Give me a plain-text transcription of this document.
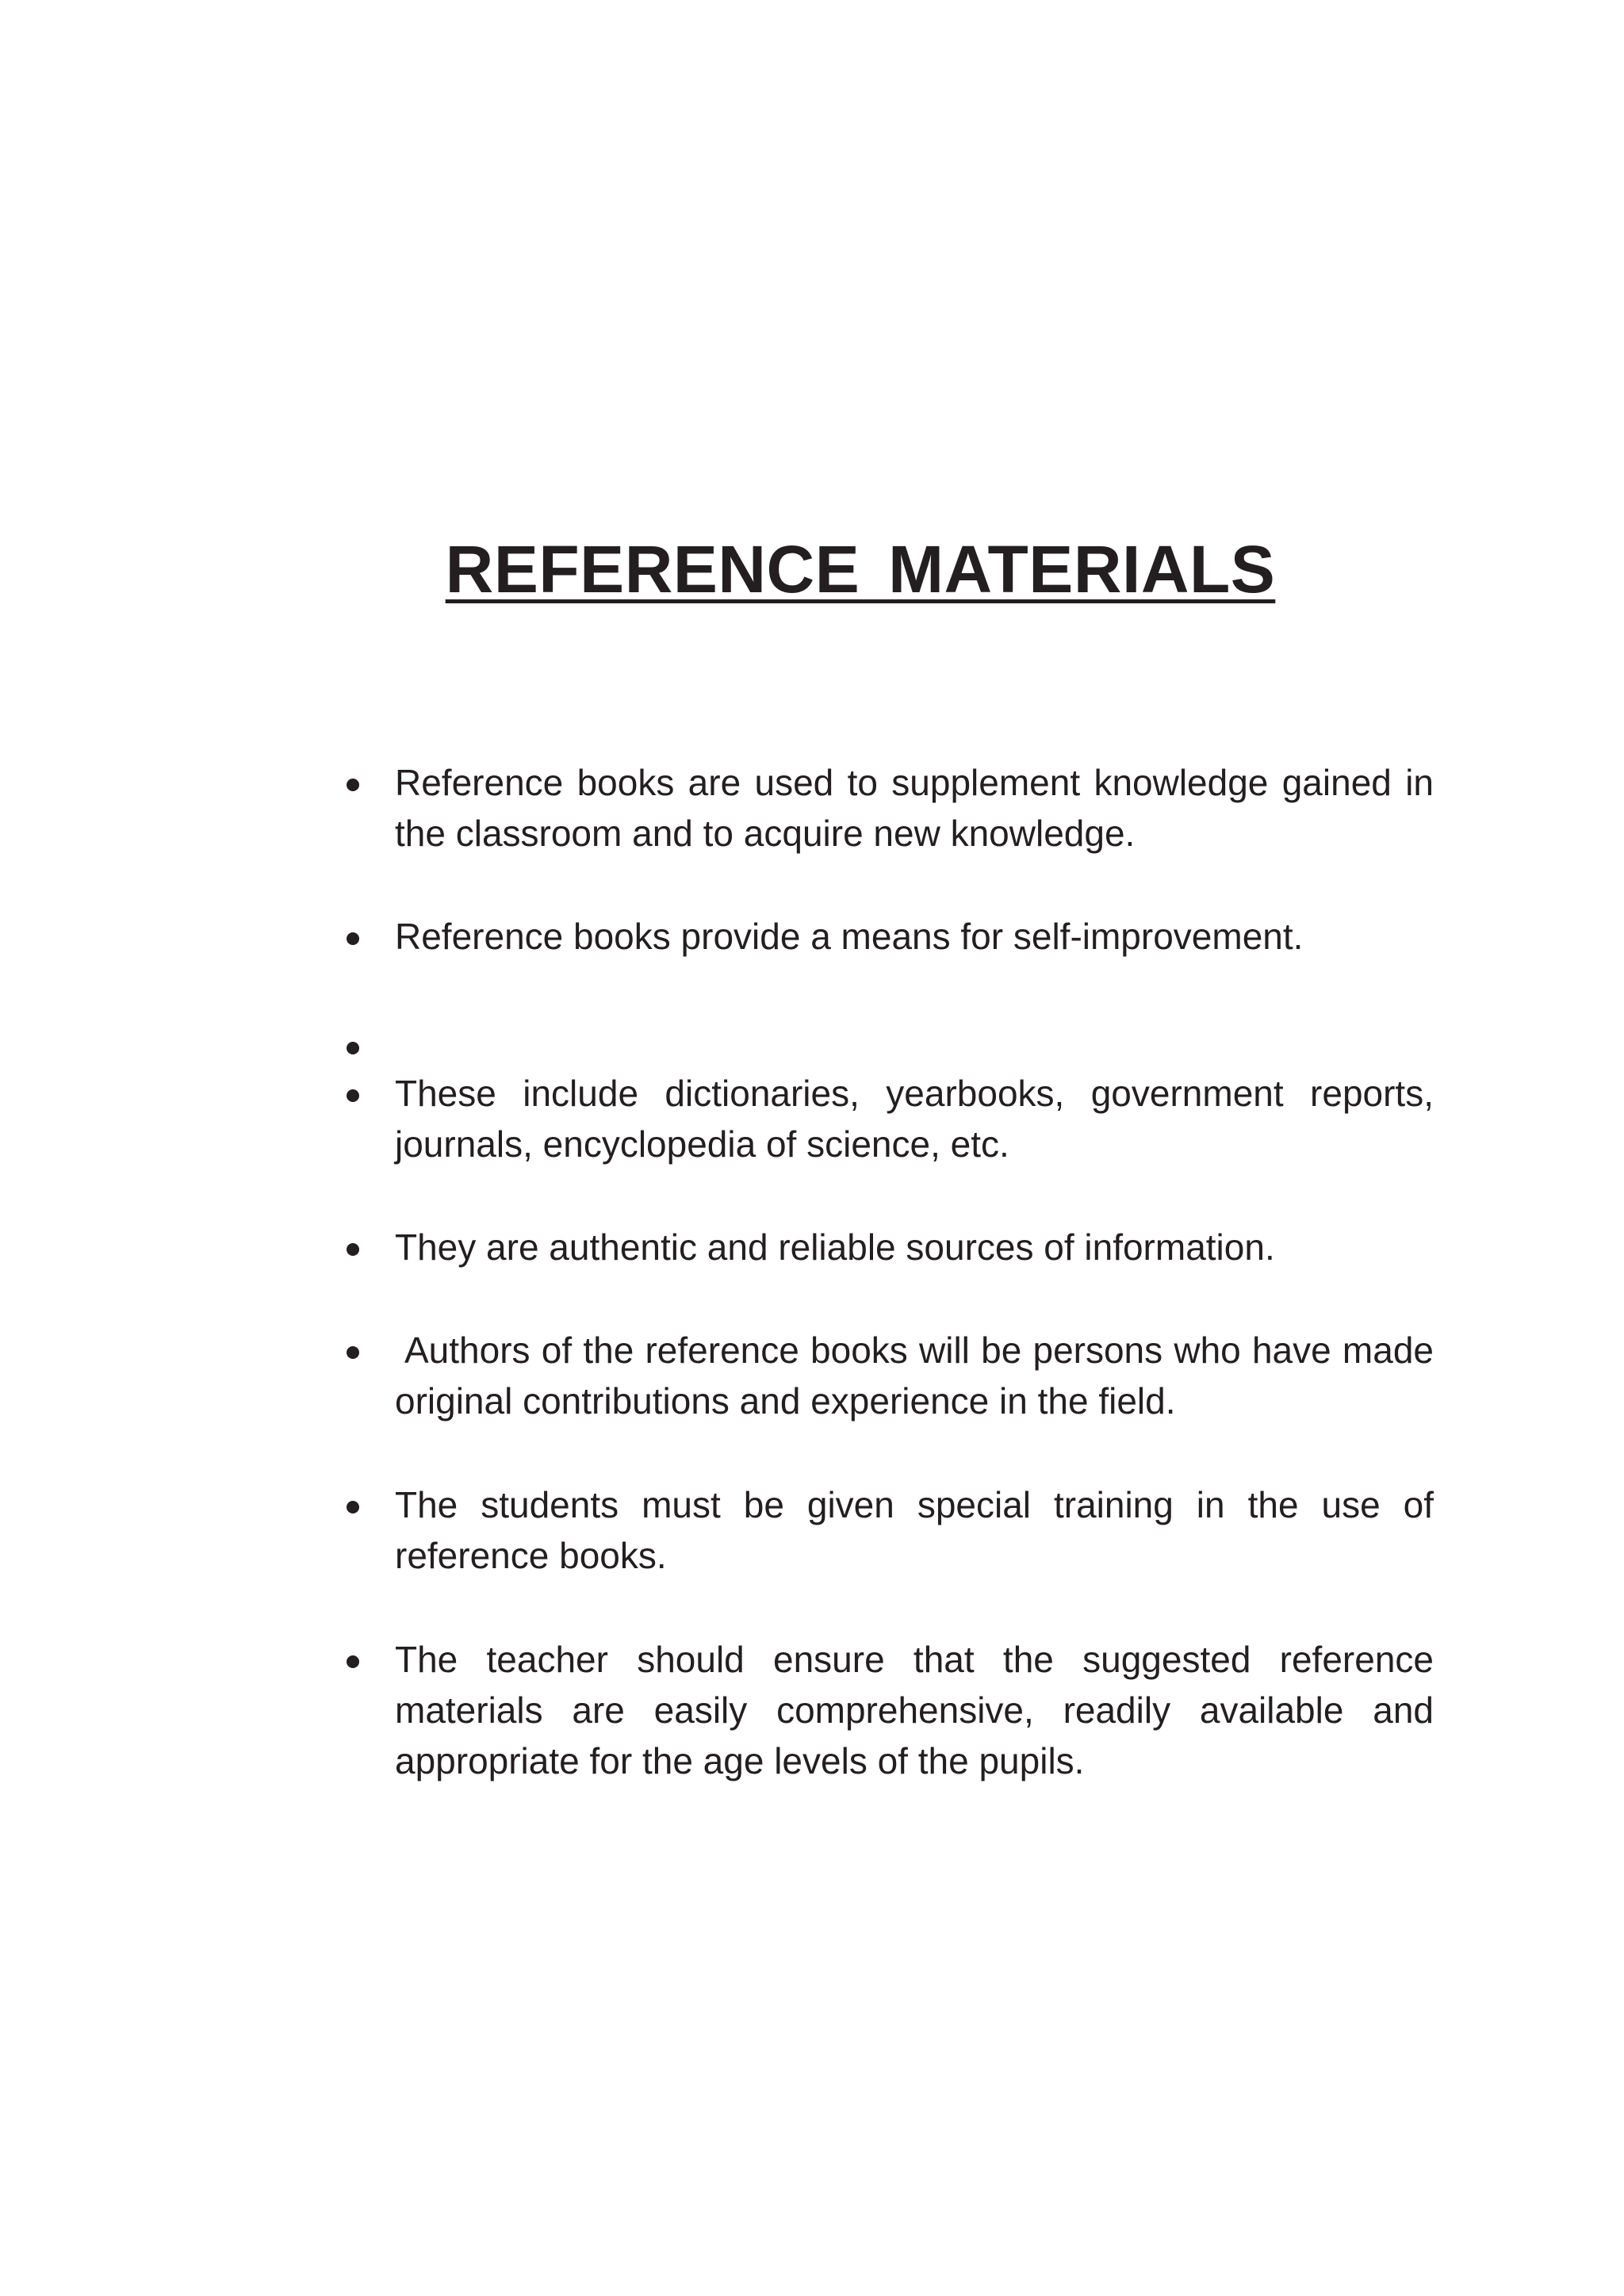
REFERENCE MATERIALS
Reference books are used to supplement knowledge gained in the classroom and to acquire new knowledge.
Reference books provide a means for self-improvement.
These include dictionaries, yearbooks, government reports, journals, encyclopedia of science, etc.
They are authentic and reliable sources of information.
Authors of the reference books will be persons who have made original contributions and experience in the field.
The students must be given special training in the use of reference books.
The teacher should ensure that the suggested reference materials are easily comprehensive, readily available and appropriate for the age levels of the pupils.
